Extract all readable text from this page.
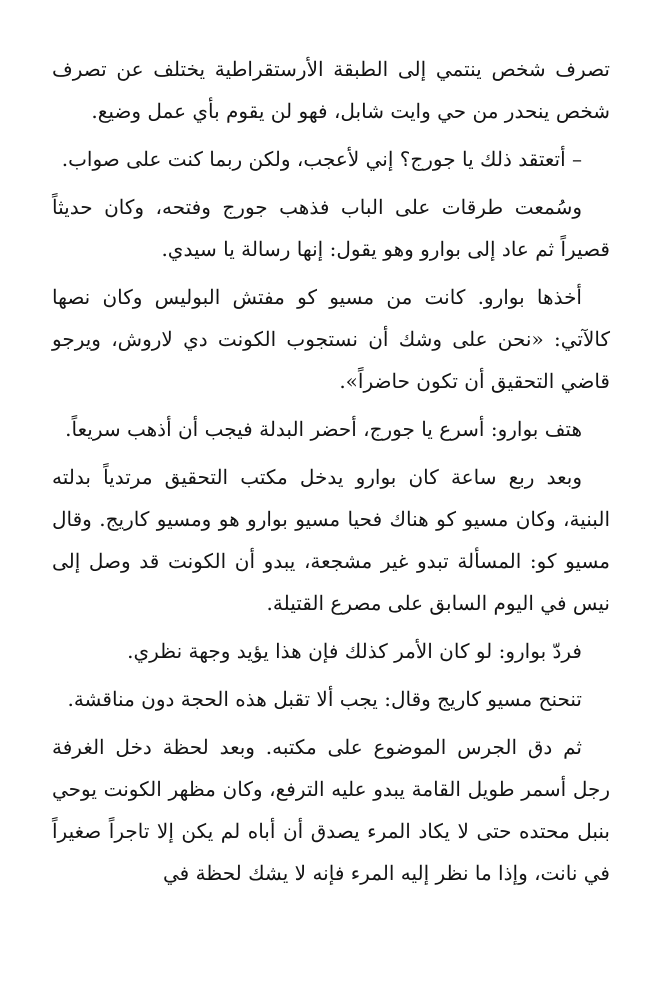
تصرف شخص ينتمي إلى الطبقة الأرستقراطية يختلف عن تصرف شخص ينحدر من حي وايت شابل، فهو لن يقوم بأي عمل وضيع.

– أتعتقد ذلك يا جورج؟ إني لأعجب، ولكن ربما كنت على صواب.

وسُمعت طرقات على الباب فذهب جورج وفتحه، وكان حديثاً قصيراً ثم عاد إلى بوارو وهو يقول: إنها رسالة يا سيدي.

أخذها بوارو. كانت من مسيو كو مفتش البوليس وكان نصها كالآتي: «نحن على وشك أن نستجوب الكونت دي لاروش، ويرجو قاضي التحقيق أن تكون حاضراً».

هتف بوارو: أسرع يا جورج، أحضر البدلة فيجب أن أذهب سريعاً.

وبعد ربع ساعة كان بوارو يدخل مكتب التحقيق مرتدياً بدلته البنية، وكان مسيو كو هناك فحيا مسيو بوارو هو ومسيو كاريج. وقال مسيو كو: المسألة تبدو غير مشجعة، يبدو أن الكونت قد وصل إلى نيس في اليوم السابق على مصرع القتيلة.

فردّ بوارو: لو كان الأمر كذلك فإن هذا يؤيد وجهة نظري.

تنحنح مسيو كاريج وقال: يجب ألا تقبل هذه الحجة دون مناقشة.

ثم دق الجرس الموضوع على مكتبه. وبعد لحظة دخل الغرفة رجل أسمر طويل القامة يبدو عليه الترفع، وكان مظهر الكونت يوحي بنبل محتده حتى لا يكاد المرء يصدق أن أباه لم يكن إلا تاجراً صغيراً في نانت، وإذا ما نظر إليه المرء فإنه لا يشك لحظة في
